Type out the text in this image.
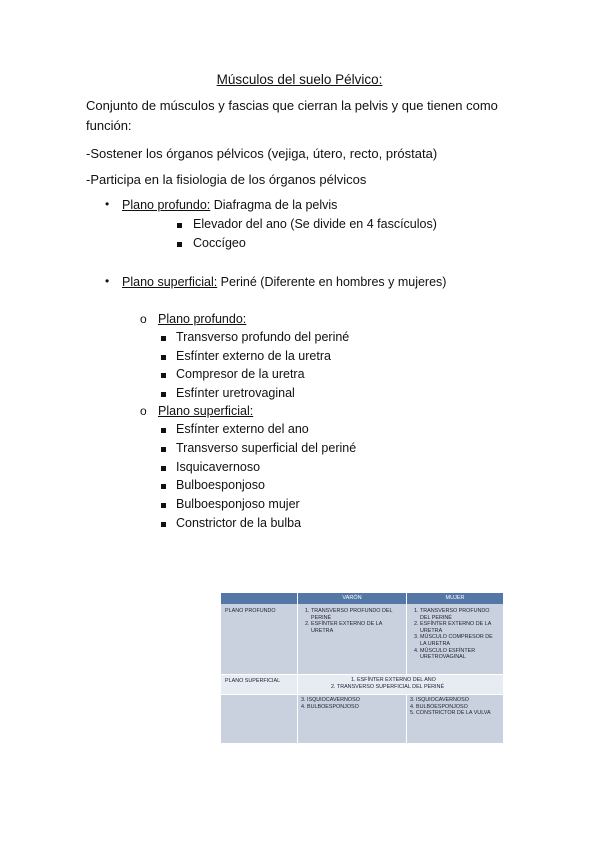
Músculos del suelo Pélvico:
Conjunto de músculos y fascias que cierran la pelvis y que tienen como
función:
-Sostener los órganos pélvicos (vejiga, útero, recto, próstata)
-Participa en la fisiologia de los órganos pélvicos
• Plano profundo: Diafragma de la pelvis
Elevador del ano (Se divide en 4 fascículos)
Coccígeo
• Plano superficial: Periné (Diferente en hombres y mujeres)
o Plano profundo:
Transverso profundo del periné
Esfínter externo de la uretra
Compresor de la uretra
Esfínter uretrovaginal
o Plano superficial:
Esfínter externo del ano
Transverso superficial del periné
Isquicavernoso
Bulboesponjoso
Bulboesponjoso mujer
Constrictor de la bulba
VARÓN	MUJER
PLANO PROFUNDO
1.	TRANSVERSO PROFUNDO DEL PERINÉ
2. ESFÍNTER EXTERNO DE LA URETRA
1. TRANSVERSO PROFUNDO DEL PERINÉ
2. ESFÍNTER EXTERNO DE LA URETRA
3. MÚSCULO COMPRESOR DE LA URETRA
4. MÚSCULO ESFÍNTER URETROVAGINAL
PLANO SUPERFICIAL	1. ESFÍNTER EXTERNO DEL ANO
2. TRANSVERSO SUPERFICIAL DEL PERINÉ
3. ISQUIOCAVERNOSO
4. BULBOESPONJOSO
3. ISQUIOCAVERNOSO
4. BULBOESPONJOSO
5. CONSTRICTOR DE LA VULVA
